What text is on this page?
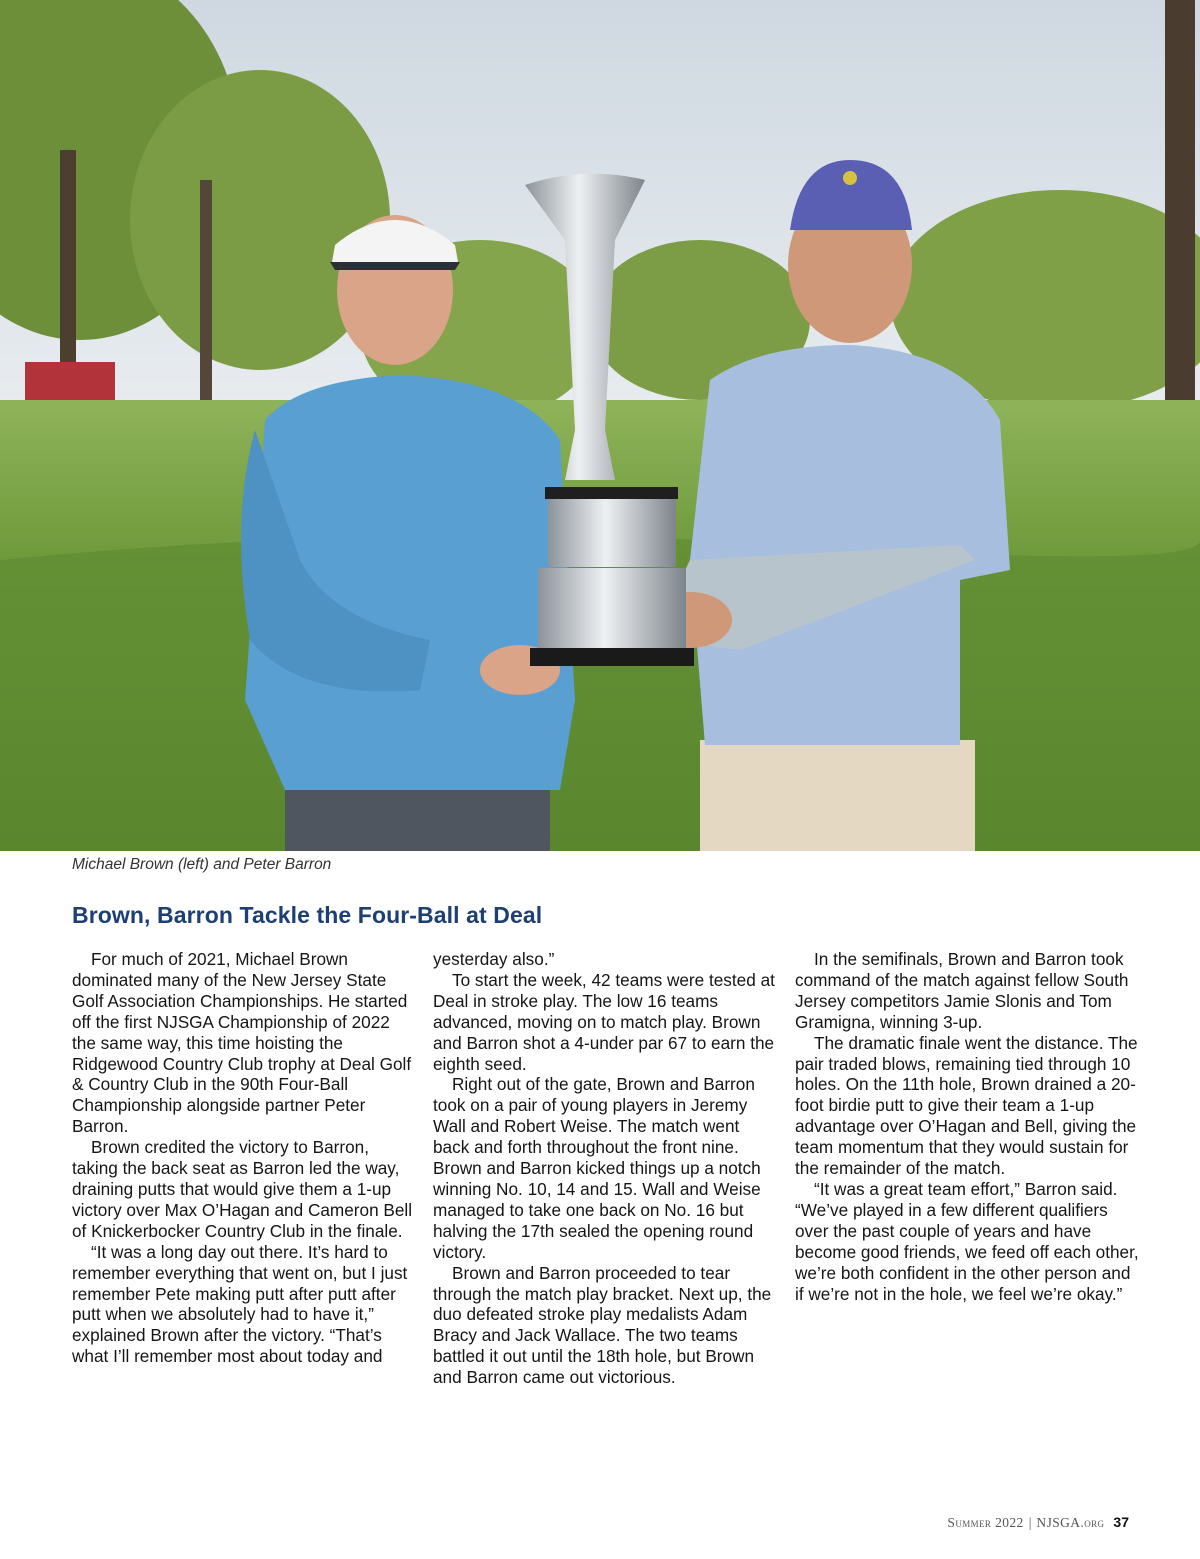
Michael Brown (left) and Peter Barron
Brown, Barron Tackle the Four-Ball at Deal

For much of 2021, Michael Brown dominated many of the New Jersey State Golf Association Championships. He started off the first NJSGA Championship of 2022 the same way, this time hoisting the Ridgewood Country Club trophy at Deal Golf & Country Club in the 90th Four-Ball Championship alongside partner Peter Barron.

Brown credited the victory to Barron, taking the back seat as Barron led the way, draining putts that would give them a 1-up victory over Max O’Hagan and Cameron Bell of Knickerbocker Country Club in the finale.

“It was a long day out there. It’s hard to remember everything that went on, but I just remember Pete making putt after putt after putt when we absolutely had to have it,” explained Brown after the victory. “That’s what I’ll remember most about today and

yesterday also.”

To start the week, 42 teams were tested at Deal in stroke play. The low 16 teams advanced, moving on to match play. Brown and Barron shot a 4-under par 67 to earn the eighth seed.

Right out of the gate, Brown and Barron took on a pair of young players in Jeremy Wall and Robert Weise. The match went back and forth throughout the front nine. Brown and Barron kicked things up a notch winning No. 10, 14 and 15. Wall and Weise managed to take one back on No. 16 but halving the 17th sealed the opening round victory.

Brown and Barron proceeded to tear through the match play bracket. Next up, the duo defeated stroke play medalists Adam Bracy and Jack Wallace. The two teams battled it out until the 18th hole, but Brown and Barron came out victorious.

In the semifinals, Brown and Barron took command of the match against fellow South Jersey competitors Jamie Slonis and Tom Gramigna, winning 3-up.

The dramatic finale went the distance. The pair traded blows, remaining tied through 10 holes. On the 11th hole, Brown drained a 20-foot birdie putt to give their team a 1-up advantage over O’Hagan and Bell, giving the team momentum that they would sustain for the remainder of the match.

“It was a great team effort,” Barron said. “We’ve played in a few different qualifiers over the past couple of years and have become good friends, we feed off each other, we’re both confident in the other person and if we’re not in the hole, we feel we’re okay.”

Summer 2022 | NJSGA.org 37
